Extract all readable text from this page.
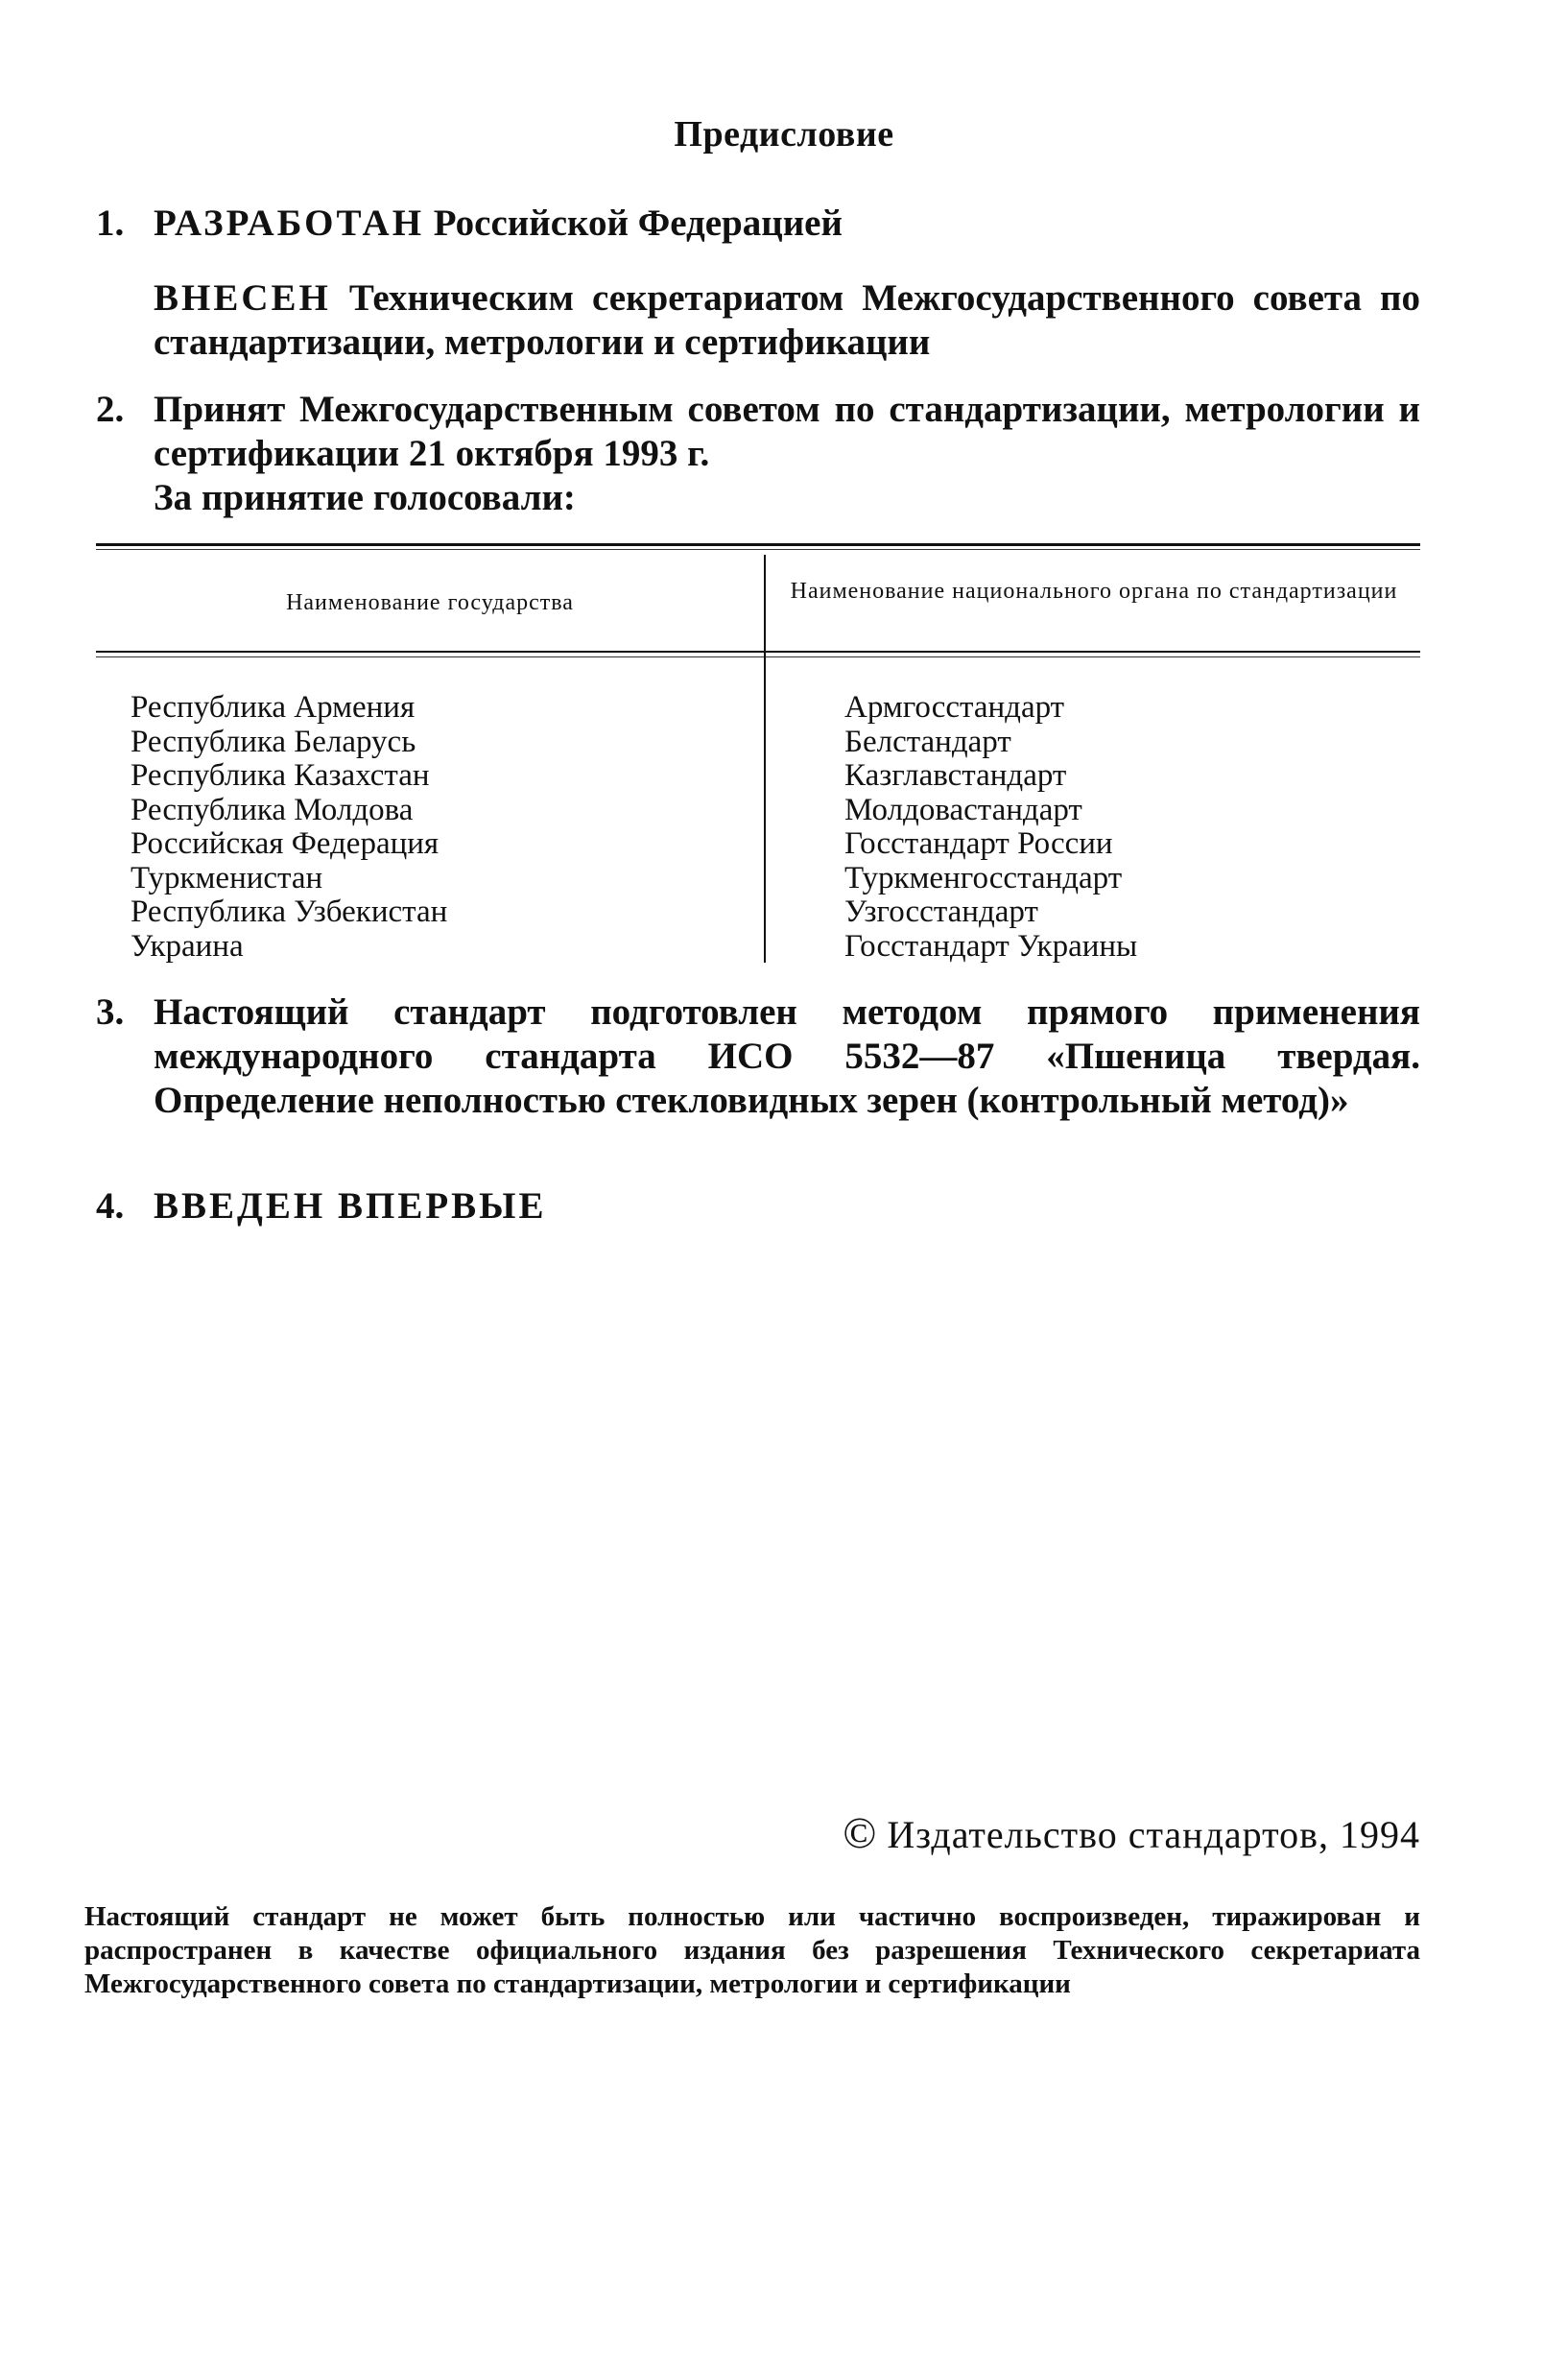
Предисловие
1. РАЗРАБОТАН Российской Федерацией

ВНЕСЕН Техническим секретариатом Межгосударственного совета по стандартизации, метрологии и сертификации
2. Принят Межгосударственным советом по стандартизации, метрологии и сертификации 21 октября 1993 г.

За принятие голосовали:

Наименование государства	Наименование национального органа по стандартизации
Республика Армения
Республика Беларусь
Республика Казахстан
Республика Молдова
Российская Федерация
Туркменистан
Республика Узбекистан
Украина
Армгосстандарт
Белстандарт
Казглавстандарт
Молдовастандарт
Госстандарт России
Туркменгосстандарт
Узгосстандарт
Госстандарт Украины
3. Настоящий стандарт подготовлен методом прямого применения международного стандарта ИСО 5532—87 «Пшеница твердая. Определение неполностью стекловидных зерен (контрольный метод)»

4. ВВЕДЕН ВПЕРВЫЕ

© Издательство стандартов, 1994

Настоящий стандарт не может быть полностью или частично воспроизведен, тиражирован и распространен в качестве официального издания без разрешения Технического секретариата Межгосударственного совета по стандартизации, метрологии и сертификации
